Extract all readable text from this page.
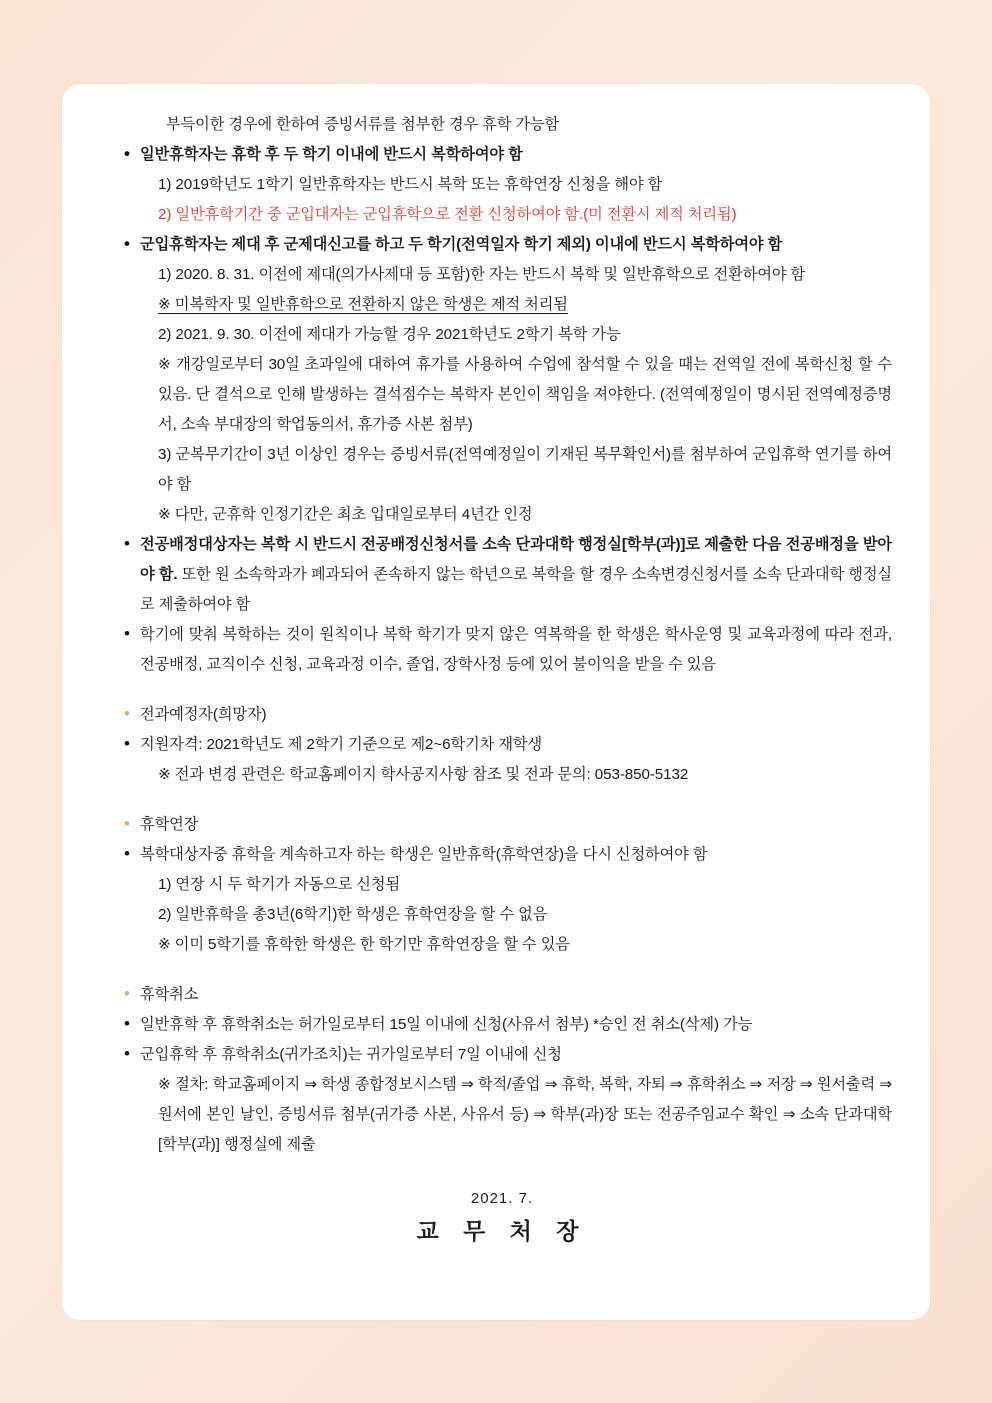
부득이한 경우에 한하여 증빙서류를 첨부한 경우 휴학 가능함
• 일반휴학자는 휴학 후 두 학기 이내에 반드시 복학하여야 함
1) 2019학년도 1학기 일반휴학자는 반드시 복학 또는 휴학연장 신청을 해야 함
2) 일반휴학기간 중 군입대자는 군입휴학으로 전환 신청하여야 함.(미 전환시 제적 처리됨)
• 군입휴학자는 제대 후 군제대신고를 하고 두 학기(전역일자 학기 제외) 이내에 반드시 복학하여야 함
1) 2020. 8. 31. 이전에 제대(의가사제대 등 포함)한 자는 반드시 복학 및 일반휴학으로 전환하여야 함
※ 미복학자 및 일반휴학으로 전환하지 않은 학생은 제적 처리됨
2) 2021. 9. 30. 이전에 제대가 가능할 경우 2021학년도 2학기 복학 가능
※ 개강일로부터 30일 초과일에 대하여 휴가를 사용하여 수업에 참석할 수 있을 때는 전역일 전에 복학신청 할 수 있음. 단 결석으로 인해 발생하는 결석점수는 복학자 본인이 책임을 져야한다. (전역예정일이 명시된 전역예정증명서, 소속 부대장의 학업동의서, 휴가증 사본 첨부)
3) 군복무기간이 3년 이상인 경우는 증빙서류(전역예정일이 기재된 복무확인서)를 첨부하여 군입휴학 연기를 하여야 함
※ 다만, 군휴학 인정기간은 최초 입대일로부터 4년간 인정
• 전공배정대상자는 복학 시 반드시 전공배정신청서를 소속 단과대학 행정실[학부(과)]로 제출한 다음 전공배정을 받아야 함. 또한 원 소속학과가 폐과되어 존속하지 않는 학년으로 복학을 할 경우 소속변경신청서를 소속 단과대학 행정실로 제출하여야 함
• 학기에 맞춰 복학하는 것이 원칙이나 복학 학기가 맞지 않은 역복학을 한 학생은 학사운영 및 교육과정에 따라 전과, 전공배정, 교직이수 신청, 교육과정 이수, 졸업, 장학사정 등에 있어 불이익을 받을 수 있음
• 전과예정자(희망자)
• 지원자격: 2021학년도 제 2학기 기준으로 제2~6학기차 재학생
※ 전과 변경 관련은 학교홈페이지 학사공지사항 참조 및 전과 문의: 053-850-5132
• 휴학연장
• 복학대상자중 휴학을 계속하고자 하는 학생은 일반휴학(휴학연장)을 다시 신청하여야 함
1) 연장 시 두 학기가 자동으로 신청됨
2) 일반휴학을 총3년(6학기)한 학생은 휴학연장을 할 수 없음
※ 이미 5학기를 휴학한 학생은 한 학기만 휴학연장을 할 수 있음
• 휴학취소
• 일반휴학 후 휴학취소는 허가일로부터 15일 이내에 신청(사유서 첨부) *승인 전 취소(삭제) 가능
• 군입휴학 후 휴학취소(귀가조치)는 귀가일로부터 7일 이내에 신청
※ 절차: 학교홈페이지 ⇒ 학생 종합정보시스템 ⇒ 학적/졸업 ⇒ 휴학, 복학, 자퇴 ⇒ 휴학취소 ⇒ 저장 ⇒ 원서출력 ⇒ 원서에 본인 날인, 증빙서류 첨부(귀가증 사본, 사유서 등) ⇒ 학부(과)장 또는 전공주임교수 확인 ⇒ 소속 단과대학[학부(과)] 행정실에 제출
2021. 7.
교 무 처 장
